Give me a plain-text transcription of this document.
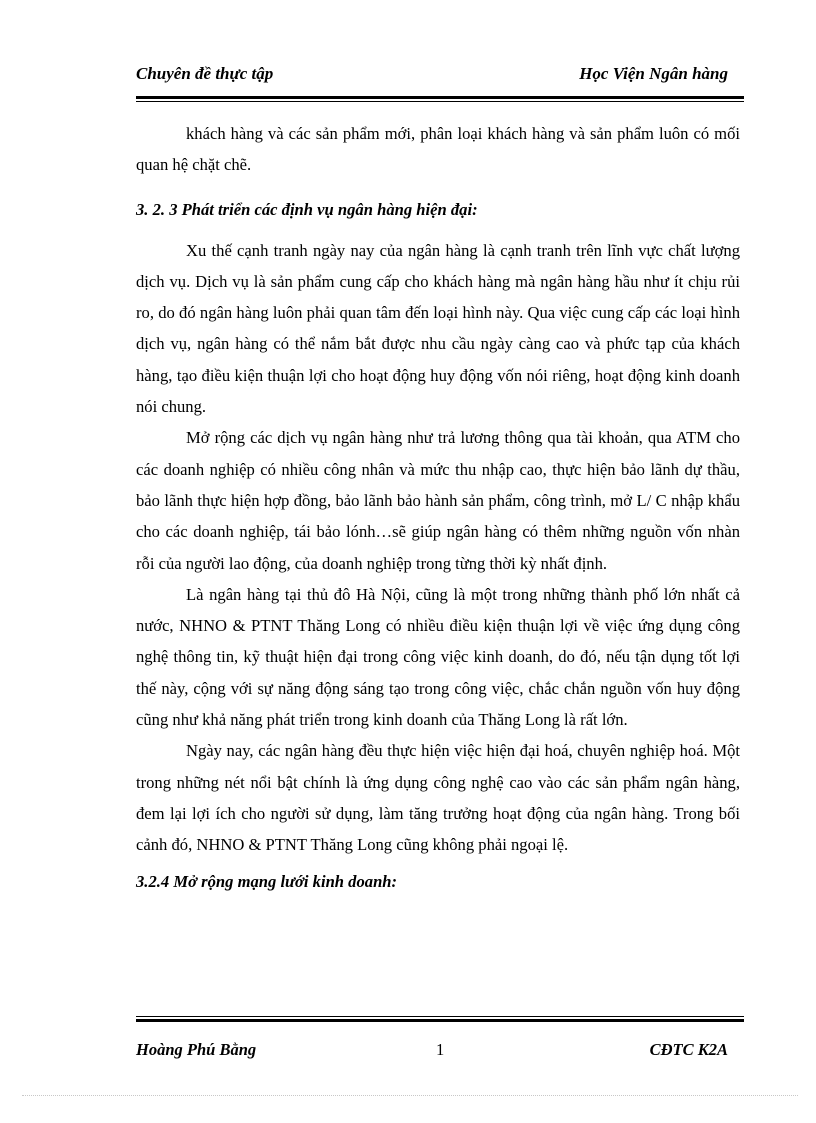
Chuyên đề thực tập	Học Viện Ngân hàng

khách hàng và các sản phẩm mới, phân loại khách hàng và sản phẩm luôn có mối quan hệ chặt chẽ.

3. 2. 3 Phát triển các định vụ ngân hàng hiện đại:

Xu thế cạnh tranh ngày nay của ngân hàng là cạnh tranh trên lĩnh vực chất lượng dịch vụ. Dịch vụ là sản phẩm cung cấp cho khách hàng mà ngân hàng hầu như ít chịu rủi ro, do đó ngân hàng luôn phải quan tâm đến loại hình này. Qua việc cung cấp các loại hình dịch vụ, ngân hàng có thể nắm bắt được nhu cầu ngày càng cao và phức tạp của khách hàng, tạo điều kiện thuận lợi cho hoạt động huy động vốn nói riêng, hoạt động kinh doanh nói chung.

Mở rộng các dịch vụ ngân hàng như trả lương thông qua tài khoản, qua ATM cho các doanh nghiệp có nhiều công nhân và mức thu nhập cao, thực hiện bảo lãnh dự thầu, bảo lãnh thực hiện hợp đồng, bảo lãnh bảo hành sản phẩm, công trình, mở L/ C nhập khẩu cho các doanh nghiệp, tái bảo lónh…sẽ giúp ngân hàng có thêm những nguồn vốn nhàn rỗi của người lao động, của doanh nghiệp trong từng thời kỳ nhất định.

Là ngân hàng tại thủ đô Hà Nội, cũng là một trong những thành phố lớn nhất cả nước, NHNO & PTNT Thăng Long có nhiều điều kiện thuận lợi về việc ứng dụng công nghệ thông tin, kỹ thuật hiện đại trong công việc kinh doanh, do đó, nếu tận dụng tốt lợi thế này, cộng với sự năng động sáng tạo trong công việc, chắc chắn nguồn vốn huy động cũng như khả năng phát triển trong kinh doanh của Thăng Long là rất lớn.

Ngày nay, các ngân hàng đều thực hiện việc hiện đại hoá, chuyên nghiệp hoá. Một trong những nét nổi bật chính là ứng dụng công nghệ cao vào các sản phẩm ngân hàng, đem lại lợi ích cho người sử dụng, làm tăng trưởng hoạt động của ngân hàng. Trong bối cảnh đó, NHNO & PTNT Thăng Long cũng không phải ngoại lệ.

3.2.4 Mở rộng mạng lưới kinh doanh:

Hoàng Phú Bằng	1	CĐTC K2A
